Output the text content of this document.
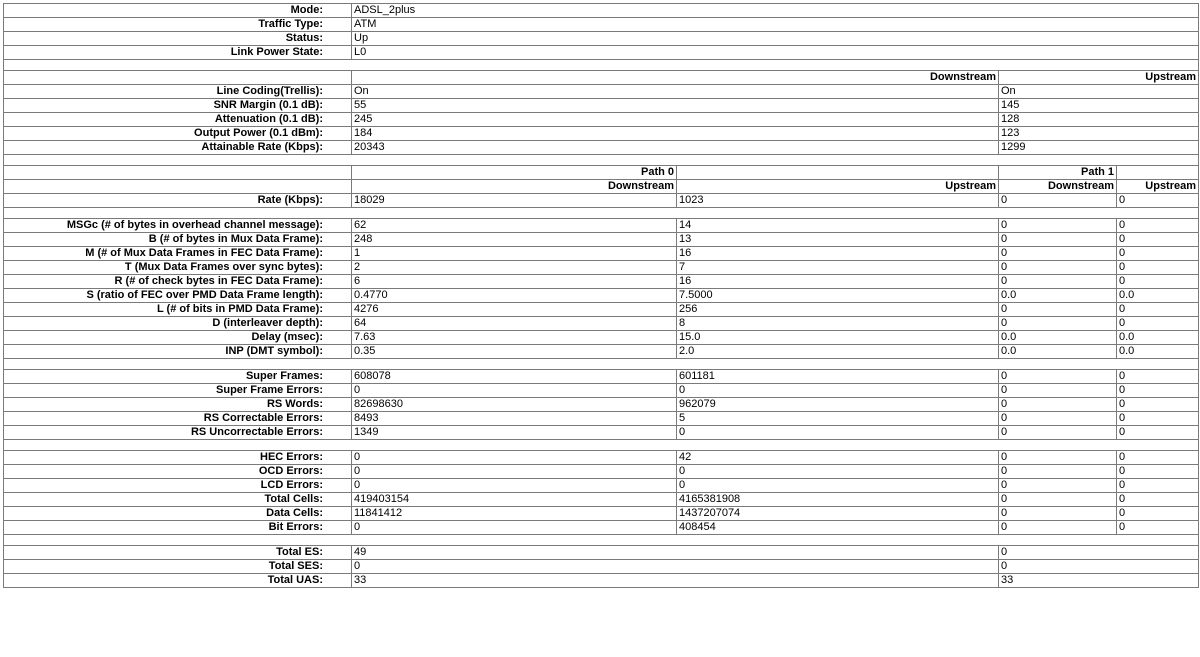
Mode:	ADSL_2plus			
Traffic Type:	ATM			
Status:	Up			
Link Power State:	L0			

	Downstream		Upstream	
Line Coding(Trellis):	On		On	
SNR Margin (0.1 dB):	55		145	
Attenuation (0.1 dB):	245		128	
Output Power (0.1 dBm):	184		123	
Attainable Rate (Kbps):	20343		1299	

	Path 0		Path 1	
	Downstream	Upstream	Downstream	Upstream
Rate (Kbps):	18029	1023	0	0

MSGc (# of bytes in overhead channel message):	62	14	0	0
B (# of bytes in Mux Data Frame):	248	13	0	0
M (# of Mux Data Frames in FEC Data Frame):	1	16	0	0
T (Mux Data Frames over sync bytes):	2	7	0	0
R (# of check bytes in FEC Data Frame):	6	16	0	0
S (ratio of FEC over PMD Data Frame length):	0.4770	7.5000	0.0	0.0
L (# of bits in PMD Data Frame):	4276	256	0	0
D (interleaver depth):	64	8	0	0
Delay (msec):	7.63	15.0	0.0	0.0
INP (DMT symbol):	0.35	2.0	0.0	0.0

Super Frames:	608078	601181	0	0
Super Frame Errors:	0	0	0	0
RS Words:	82698630	962079	0	0
RS Correctable Errors:	8493	5	0	0
RS Uncorrectable Errors:	1349	0	0	0

HEC Errors:	0	42	0	0
OCD Errors:	0	0	0	0
LCD Errors:	0	0	0	0
Total Cells:	419403154	4165381908	0	0
Data Cells:	11841412	1437207074	0	0
Bit Errors:	0	408454	0	0

Total ES:	49		0	
Total SES:	0		0	
Total UAS:	33		33	
